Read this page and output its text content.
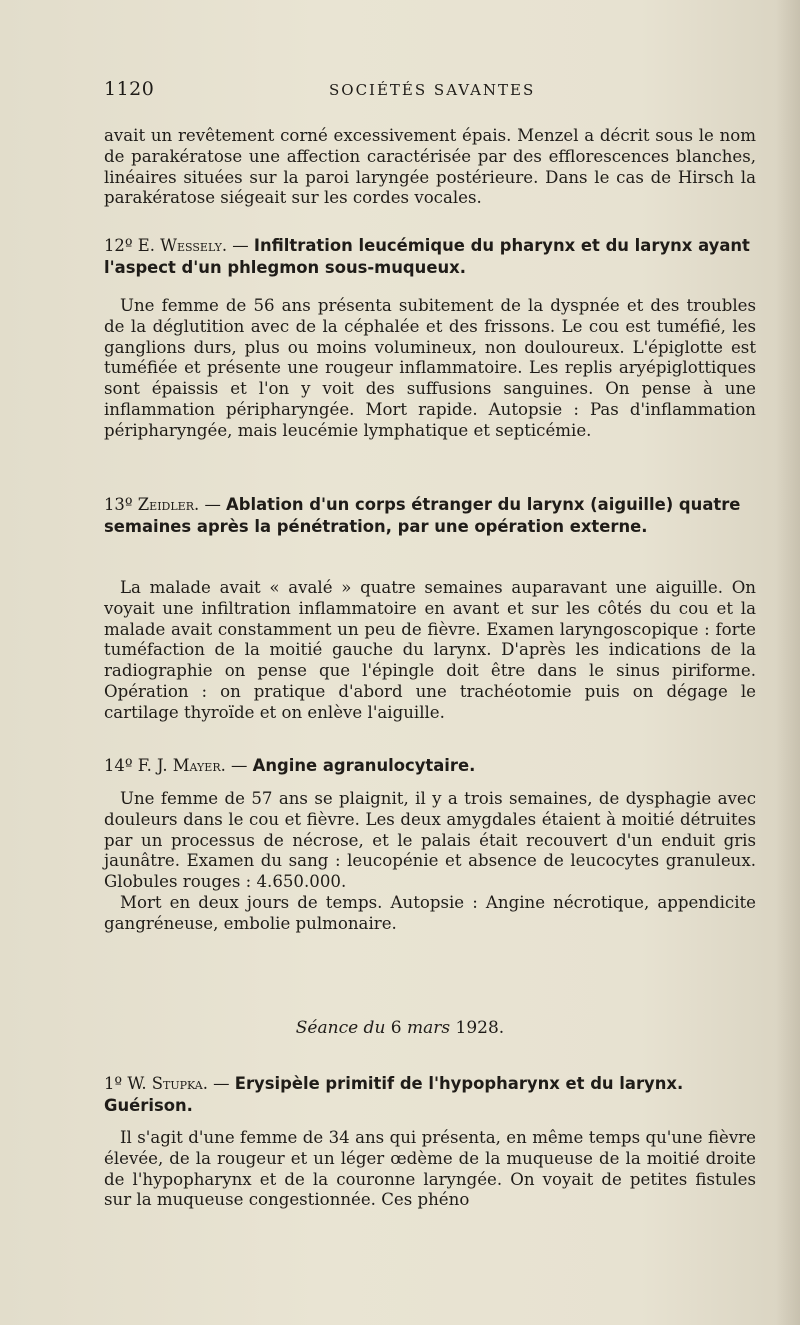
1120	SOCIÉTÉS SAVANTES

avait un revêtement corné excessivement épais. Menzel a décrit sous le nom de parakératose une affection caractérisée par des efflorescences blanches, linéaires situées sur la paroi laryngée postérieure. Dans le cas de Hirsch la parakératose siégeait sur les cordes vocales.

12º E. Wessely. — Infiltration leucémique du pharynx et du larynx ayant l'aspect d'un phlegmon sous-muqueux.

Une femme de 56 ans présenta subitement de la dyspnée et des troubles de la déglutition avec de la céphalée et des frissons. Le cou est tuméfié, les ganglions durs, plus ou moins volumineux, non douloureux. L'épiglotte est tuméfiée et présente une rougeur inflammatoire. Les replis aryépiglottiques sont épaissis et l'on y voit des suffusions sanguines. On pense à une inflammation péripharyngée. Mort rapide. Autopsie : Pas d'inflammation péripharyngée, mais leucémie lymphatique et septicémie.

13º Zeidler. — Ablation d'un corps étranger du larynx (aiguille) quatre semaines après la pénétration, par une opération externe.

La malade avait « avalé » quatre semaines auparavant une aiguille. On voyait une infiltration inflammatoire en avant et sur les côtés du cou et la malade avait constamment un peu de fièvre. Examen laryngoscopique : forte tuméfaction de la moitié gauche du larynx. D'après les indications de la radiographie on pense que l'épingle doit être dans le sinus piriforme. Opération : on pratique d'abord une trachéotomie puis on dégage le cartilage thyroïde et on enlève l'aiguille.

14º F. J. Mayer. — Angine agranulocytaire.

Une femme de 57 ans se plaignit, il y a trois semaines, de dysphagie avec douleurs dans le cou et fièvre. Les deux amygdales étaient à moitié détruites par un processus de nécrose, et le palais était recouvert d'un enduit gris jaunâtre. Examen du sang : leucopénie et absence de leucocytes granuleux. Globules rouges : 4.650.000.

Mort en deux jours de temps. Autopsie : Angine nécrotique, appendicite gangréneuse, embolie pulmonaire.

Séance du 6 mars 1928.

1º W. Stupka. — Erysipèle primitif de l'hypopharynx et du larynx. Guérison.

Il s'agit d'une femme de 34 ans qui présenta, en même temps qu'une fièvre élevée, de la rougeur et un léger œdème de la muqueuse de la moitié droite de l'hypopharynx et de la couronne laryngée. On voyait de petites fistules sur la muqueuse congestionnée. Ces phéno
